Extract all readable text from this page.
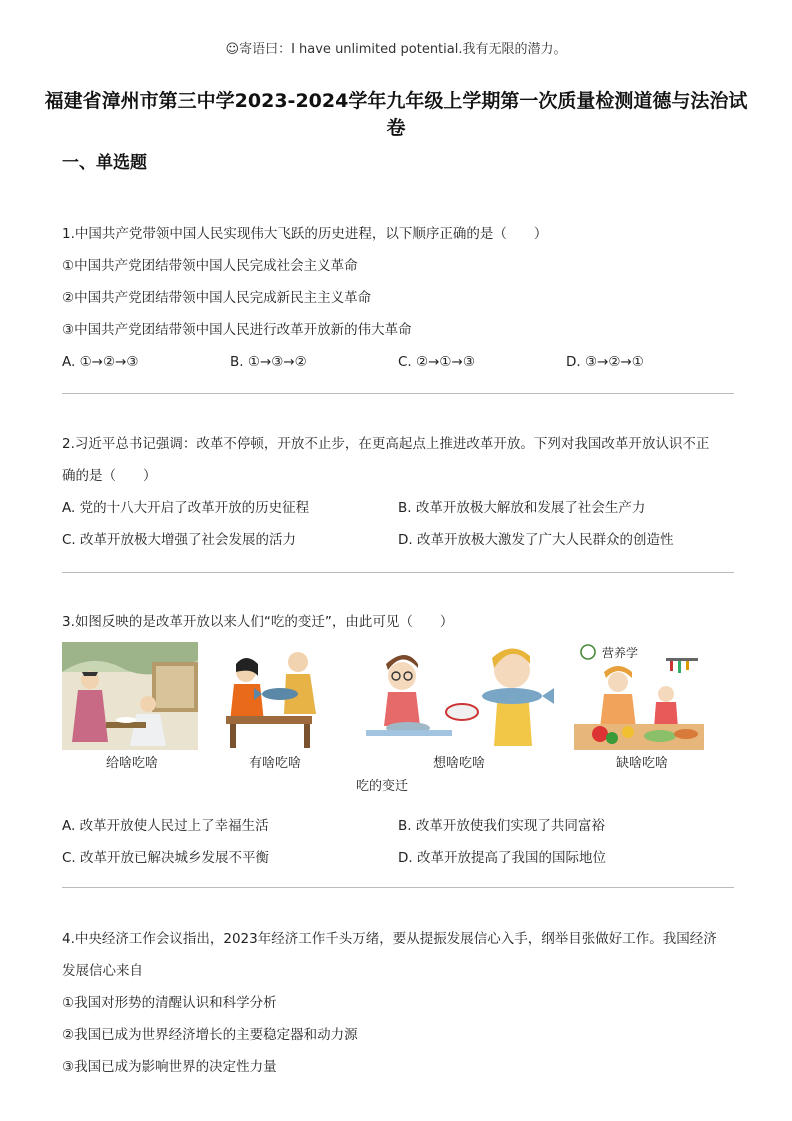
☺寄语曰：I have unlimited potential.我有无限的潜力。
福建省漳州市第三中学2023-2024学年九年级上学期第一次质量检测道德与法治试卷
一、单选题
1.中国共产党带领中国人民实现伟大飞跃的历史进程，以下顺序正确的是（　　）
①中国共产党团结带领中国人民完成社会主义革命
②中国共产党团结带领中国人民完成新民主主义革命
③中国共产党团结带领中国人民进行改革开放新的伟大革命
A. ①→②→③	B. ①→③→②	C. ②→①→③	D. ③→②→①
2.习近平总书记强调：改革不停顿，开放不止步，在更高起点上推进改革开放。下列对我国改革开放认识不正
确的是（　　）
A. 党的十八大开启了改革开放的历史征程	B. 改革开放极大解放和发展了社会生产力
C. 改革开放极大增强了社会发展的活力	D. 改革开放极大激发了广大人民群众的创造性
3.如图反映的是改革开放以来人们“吃的变迁”，由此可见（　　）
营养学
给啥吃啥	有啥吃啥	想啥吃啥	缺啥吃啥
吃的变迁
A. 改革开放使人民过上了幸福生活	B. 改革开放使我们实现了共同富裕
C. 改革开放已解决城乡发展不平衡	D. 改革开放提高了我国的国际地位
4.中央经济工作会议指出，2023年经济工作千头万绪，要从提振发展信心入手，纲举目张做好工作。我国经济
发展信心来自
①我国对形势的清醒认识和科学分析
②我国已成为世界经济增长的主要稳定器和动力源
③我国已成为影响世界的决定性力量
